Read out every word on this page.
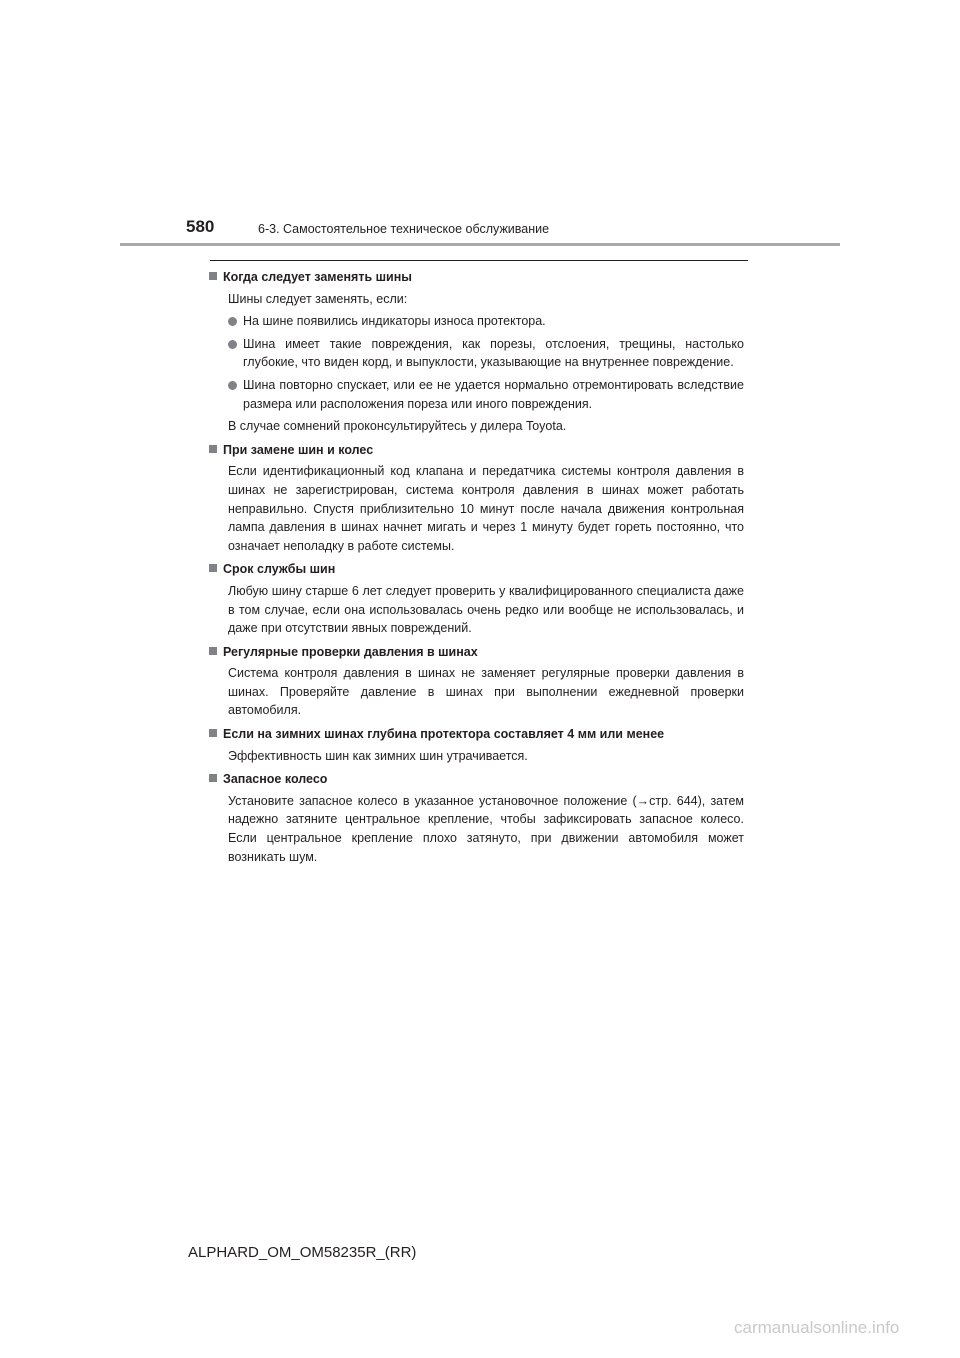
580	6-3. Самостоятельное техническое обслуживание
Когда следует заменять шины
Шины следует заменять, если:
На шине появились индикаторы износа протектора.
Шина имеет такие повреждения, как порезы, отслоения, трещины, настолько глубокие, что виден корд, и выпуклости, указывающие на внутреннее повреждение.
Шина повторно спускает, или ее не удается нормально отремонтировать вследствие размера или расположения пореза или иного повреждения.
В случае сомнений проконсультируйтесь у дилера Toyota.
При замене шин и колес
Если идентификационный код клапана и передатчика системы контроля давления в шинах не зарегистрирован, система контроля давления в шинах может работать неправильно. Спустя приблизительно 10 минут после начала движения контрольная лампа давления в шинах начнет мигать и через 1 минуту будет гореть постоянно, что означает неполадку в работе системы.
Срок службы шин
Любую шину старше 6 лет следует проверить у квалифицированного специалиста даже в том случае, если она использовалась очень редко или вообще не использовалась, и даже при отсутствии явных повреждений.
Регулярные проверки давления в шинах
Система контроля давления в шинах не заменяет регулярные проверки давления в шинах. Проверяйте давление в шинах при выполнении ежедневной проверки автомобиля.
Если на зимних шинах глубина протектора составляет 4 мм или менее
Эффективность шин как зимних шин утрачивается.
Запасное колесо
Установите запасное колесо в указанное установочное положение (→стр. 644), затем надежно затяните центральное крепление, чтобы зафиксировать запасное колесо. Если центральное крепление плохо затянуто, при движении автомобиля может возникать шум.
ALPHARD_OM_OM58235R_(RR)
carmanualsonline.info
